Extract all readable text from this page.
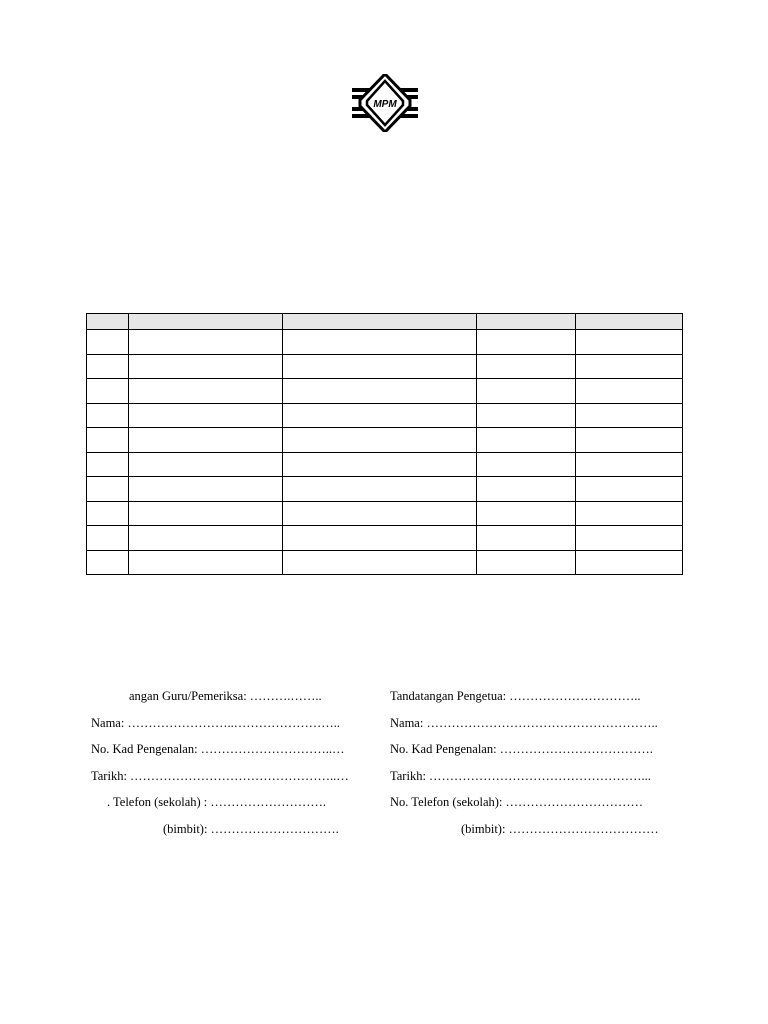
MPM

angan Guru/Pemeriksa: ……….……..
Nama: ……………………..……………………..
No. Kad Pengenalan: …………………………..…
Tarikh: …………………………………………..…
. Telefon (sekolah) : ……………………….
(bimbit): ………………………….
Tandatangan Pengetua: …………………………..
Nama: ………………………………………………..
No. Kad Pengenalan: ……………………………….
Tarikh: ……………………………………………...
No. Telefon (sekolah): ……………………………
(bimbit): ………………………………
